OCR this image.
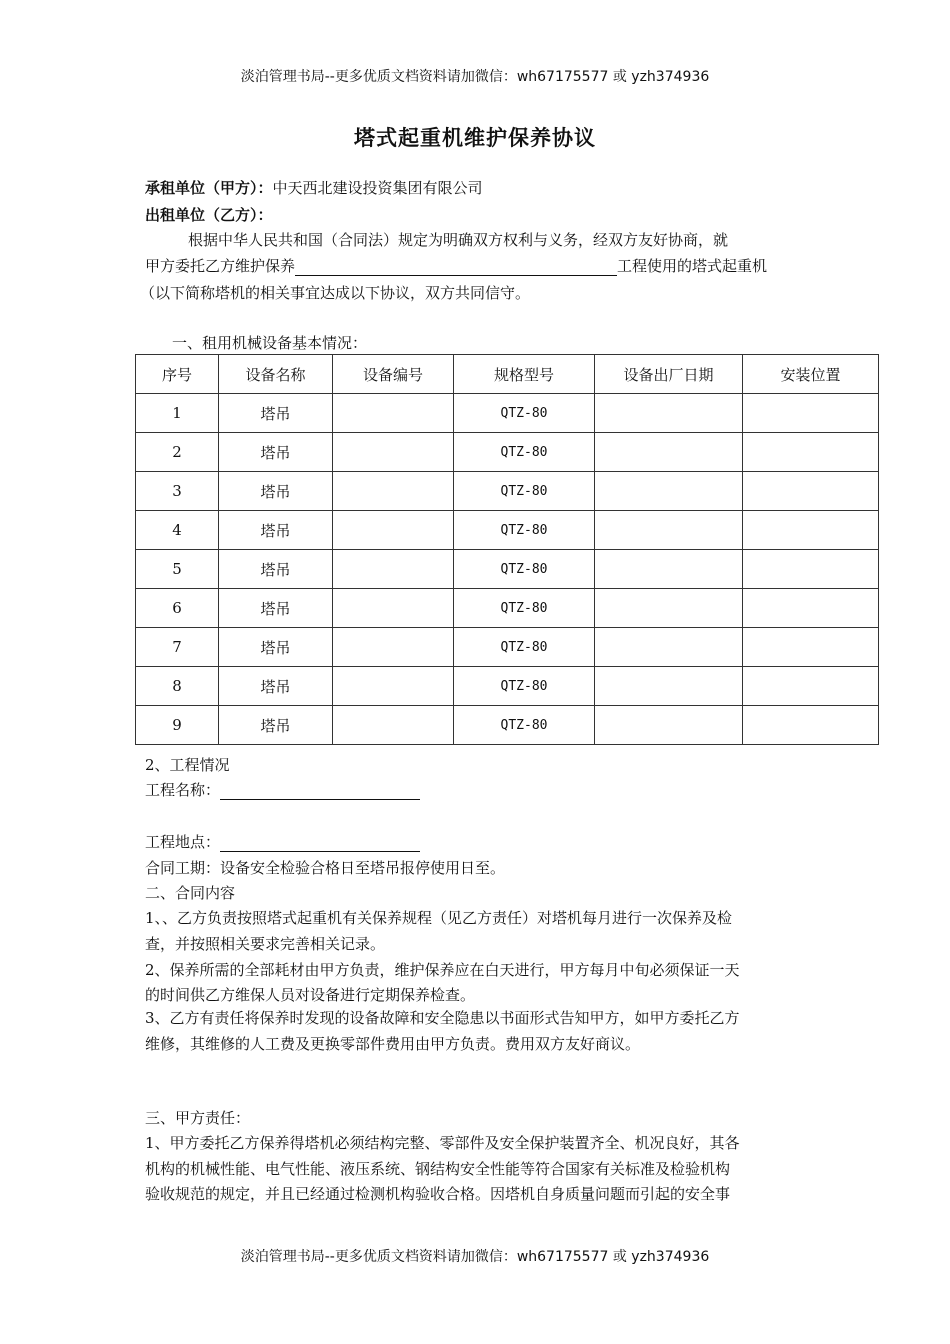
淡泊管理书局--更多优质文档资料请加微信：wh67175577 或 yzh374936
塔式起重机维护保养协议
承租单位（甲方）：中天西北建设投资集团有限公司
出租单位（乙方）：
根据中华人民共和国（合同法）规定为明确双方权利与义务，经双方友好协商，就
甲方委托乙方维护保养	工程使用的塔式起重机
（以下简称塔机的相关事宜达成以下协议，双方共同信守。
一、租用机械设备基本情况：
序号	设备名称	设备编号	规格型号	设备出厂日期	安装位置
1	塔吊		QTZ-80		
2	塔吊		QTZ-80		
3	塔吊		QTZ-80		
4	塔吊		QTZ-80		
5	塔吊		QTZ-80		
6	塔吊		QTZ-80		
7	塔吊		QTZ-80		
8	塔吊		QTZ-80		
9	塔吊		QTZ-80		
2、工程情况
工程名称：
工程地点：
合同工期：设备安全检验合格日至塔吊报停使用日至。
二、合同内容
1、、乙方负责按照塔式起重机有关保养规程（见乙方责任）对塔机每月进行一次保养及检
查，并按照相关要求完善相关记录。
2、保养所需的全部耗材由甲方负责，维护保养应在白天进行，甲方每月中旬必须保证一天
的时间供乙方维保人员对设备进行定期保养检查。
3、乙方有责任将保养时发现的设备故障和安全隐患以书面形式告知甲方，如甲方委托乙方
维修，其维修的人工费及更换零部件费用由甲方负责。费用双方友好商议。
三、甲方责任：
1、甲方委托乙方保养得塔机必须结构完整、零部件及安全保护装置齐全、机况良好，其各
机构的机械性能、电气性能、液压系统、钢结构安全性能等符合国家有关标准及检验机构
验收规范的规定，并且已经通过检测机构验收合格。因塔机自身质量问题而引起的安全事
淡泊管理书局--更多优质文档资料请加微信：wh67175577 或 yzh374936
